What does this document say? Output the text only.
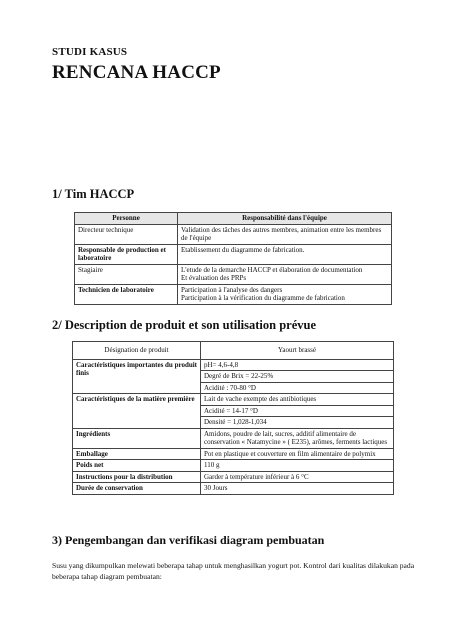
STUDI KASUS
RENCANA HACCP
1/ Tim HACCP
Personne	Responsabilité dans l'équipe
Directeur technique	Validation des tâches des autres membres, animation entre les membres de l'équipe

Responsable de production et laboratoire	Etablissement du diagramme de fabrication.

Stagiaire	L'etude de la demarche HACCP et élaboration de documentation
Et évaluation des PRPs

Technicien de laboratoire	Participation à l'analyse des dangers
Participation à la vérification du diagramme de fabrication
2/ Description de produit et son utilisation prévue
Désignation de produit	Yaourt brassé
Caractéristiques importantes du produit finis	pH= 4,6-4,8
Degré de Brix = 22-25%
Acidité : 70-80 °D

Caractéristiques de la matière première	Lait de vache exempte des antibiotiques
Acidité = 14-17 °D
Densité = 1,028-1,034

Ingrédients	Amidons, poudre de lait, sucres, additif alimentaire de conservation « Natamycine » ( E235), arômes, ferments lactiques
Emballage	Pot en plastique et couverture en film alimentaire de polymix
Poids net	110 g
Instructions pour la distribution	Garder à température inférieur à 6 °C
Durée de conservation	30 Jours
3) Pengembangan dan verifikasi diagram pembuatan
Susu yang dikumpulkan melewati beberapa tahap untuk menghasilkan yogurt pot. Kontrol dari kualitas dilakukan pada beberapa tahap diagram pembuatan:
